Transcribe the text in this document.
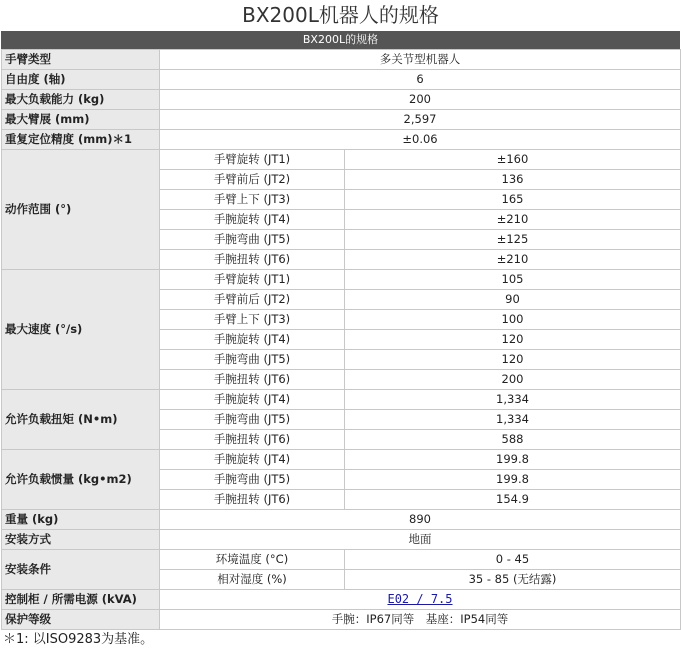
BX200L机器人的规格
BX200L的规格
手臂类型	多关节型机器人	
自由度 (轴)	6	
最大负载能力 (kg)	200	
最大臂展 (mm)	2,597	
重复定位精度 (mm)＊1	±0.06	
动作范围 (°)	手臂旋转 (JT1)	±160
	手臂前后 (JT2)	136
	手臂上下 (JT3)	165
	手腕旋转 (JT4)	±210
	手腕弯曲 (JT5)	±125
	手腕扭转 (JT6)	±210
最大速度 (°/s)	手臂旋转 (JT1)	105
	手臂前后 (JT2)	90
	手臂上下 (JT3)	100
	手腕旋转 (JT4)	120
	手腕弯曲 (JT5)	120
	手腕扭转 (JT6)	200
允许负载扭矩 (N•m)	手腕旋转 (JT4)	1,334
	手腕弯曲 (JT5)	1,334
	手腕扭转 (JT6)	588
允许负载惯量 (kg•m2)	手腕旋转 (JT4)	199.8
	手腕弯曲 (JT5)	199.8
	手腕扭转 (JT6)	154.9
重量 (kg)	890	
安装方式	地面	
安装条件	环境温度 (°C)	0 - 45
	相对湿度 (%)	35 - 85 (无结露)
控制柜 / 所需电源 (kVA)	E02 / 7.5	
保护等级	手腕：IP67同等　基座：IP54同等	
＊1: 以ISO9283为基准。
